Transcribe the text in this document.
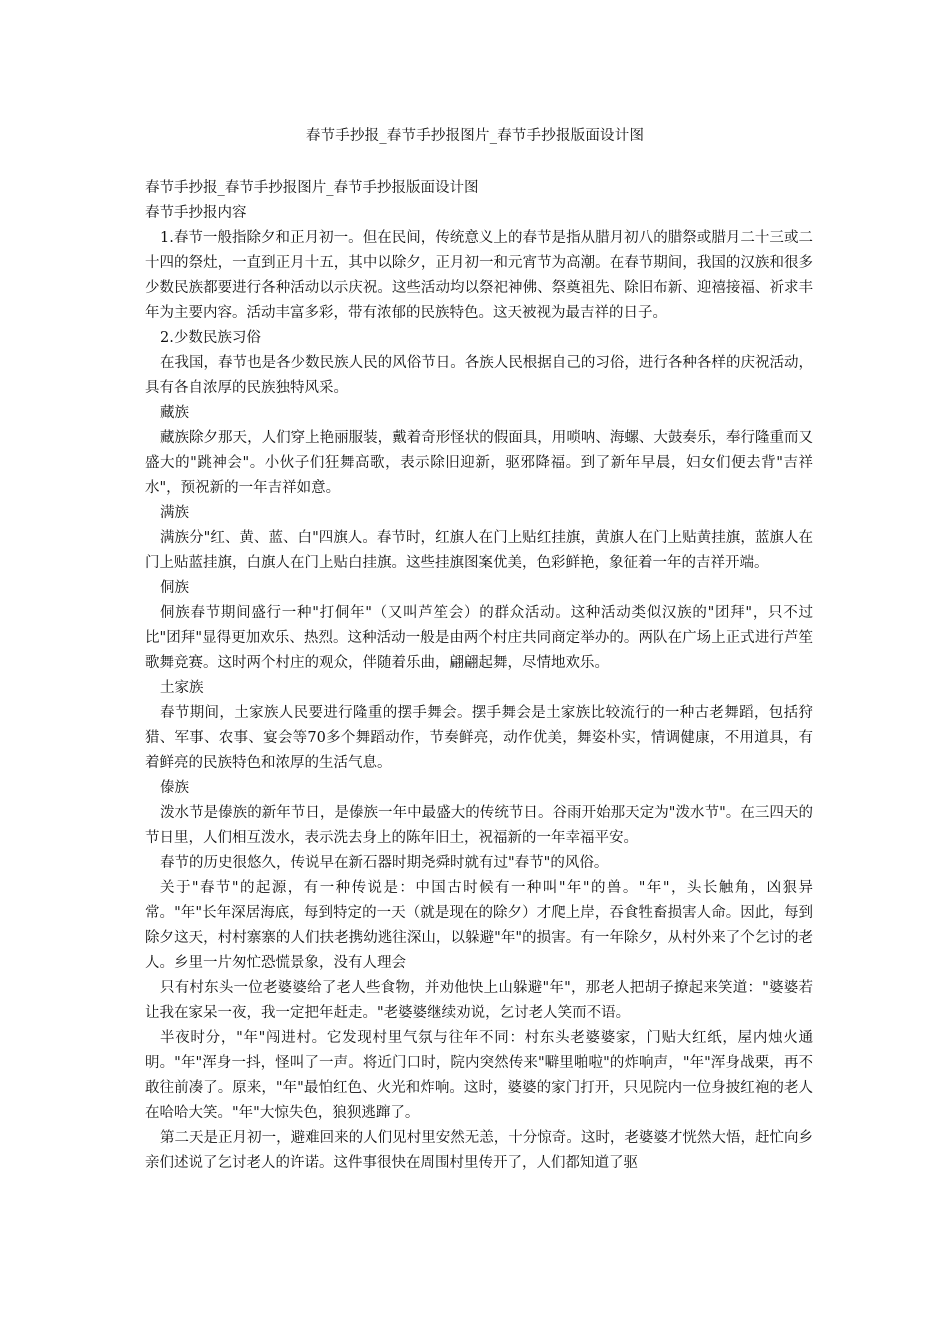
春节手抄报_春节手抄报图片_春节手抄报版面设计图

春节手抄报_春节手抄报图片_春节手抄报版面设计图

春节手抄报内容

1.春节一般指除夕和正月初一。但在民间，传统意义上的春节是指从腊月初八的腊祭或腊月二十三或二十四的祭灶，一直到正月十五，其中以除夕，正月初一和元宵节为高潮。在春节期间，我国的汉族和很多少数民族都要进行各种活动以示庆祝。这些活动均以祭祀神佛、祭奠祖先、除旧布新、迎禧接福、祈求丰年为主要内容。活动丰富多彩，带有浓郁的民族特色。这天被视为最吉祥的日子。

2.少数民族习俗

在我国，春节也是各少数民族人民的风俗节日。各族人民根据自己的习俗，进行各种各样的庆祝活动，具有各自浓厚的民族独特风采。

藏族

藏族除夕那天，人们穿上艳丽服装，戴着奇形怪状的假面具，用唢呐、海螺、大鼓奏乐，奉行隆重而又盛大的"跳神会"。小伙子们狂舞高歌，表示除旧迎新，驱邪降福。到了新年早晨，妇女们便去背"吉祥水"，预祝新的一年吉祥如意。

满族

满族分"红、黄、蓝、白"四旗人。春节时，红旗人在门上贴红挂旗，黄旗人在门上贴黄挂旗，蓝旗人在门上贴蓝挂旗，白旗人在门上贴白挂旗。这些挂旗图案优美，色彩鲜艳，象征着一年的吉祥开端。

侗族

侗族春节期间盛行一种"打侗年"（又叫芦笙会）的群众活动。这种活动类似汉族的"团拜"，只不过比"团拜"显得更加欢乐、热烈。这种活动一般是由两个村庄共同商定举办的。两队在广场上正式进行芦笙歌舞竞赛。这时两个村庄的观众，伴随着乐曲，翩翩起舞，尽情地欢乐。

土家族

春节期间，土家族人民要进行隆重的摆手舞会。摆手舞会是土家族比较流行的一种古老舞蹈，包括狩猎、军事、农事、宴会等70多个舞蹈动作，节奏鲜亮，动作优美，舞姿朴实，情调健康，不用道具，有着鲜亮的民族特色和浓厚的生活气息。

傣族

泼水节是傣族的新年节日，是傣族一年中最盛大的传统节日。谷雨开始那天定为"泼水节"。在三四天的节日里，人们相互泼水，表示洗去身上的陈年旧土，祝福新的一年幸福平安。

春节的历史很悠久，传说早在新石器时期尧舜时就有过"春节"的风俗。

关于"春节"的起源，有一种传说是：中国古时候有一种叫"年"的兽。"年"，头长触角，凶狠异常。"年"长年深居海底，每到特定的一天（就是现在的除夕）才爬上岸，吞食牲畜损害人命。因此，每到除夕这天，村村寨寨的人们扶老携幼逃往深山，以躲避"年"的损害。有一年除夕，从村外来了个乞讨的老人。乡里一片匆忙恐慌景象，没有人理会

只有村东头一位老婆婆给了老人些食物，并劝他快上山躲避"年"，那老人把胡子撩起来笑道："婆婆若让我在家呆一夜，我一定把年赶走。"老婆婆继续劝说，乞讨老人笑而不语。

半夜时分，"年"闯进村。它发现村里气氛与往年不同：村东头老婆婆家，门贴大红纸，屋内烛火通明。"年"浑身一抖，怪叫了一声。将近门口时，院内突然传来"噼里啪啦"的炸响声，"年"浑身战栗，再不敢往前凑了。原来，"年"最怕红色、火光和炸响。这时，婆婆的家门打开，只见院内一位身披红袍的老人在哈哈大笑。"年"大惊失色，狼狈逃蹿了。

第二天是正月初一，避难回来的人们见村里安然无恙，十分惊奇。这时，老婆婆才恍然大悟，赶忙向乡亲们述说了乞讨老人的许诺。这件事很快在周围村里传开了，人们都知道了驱
